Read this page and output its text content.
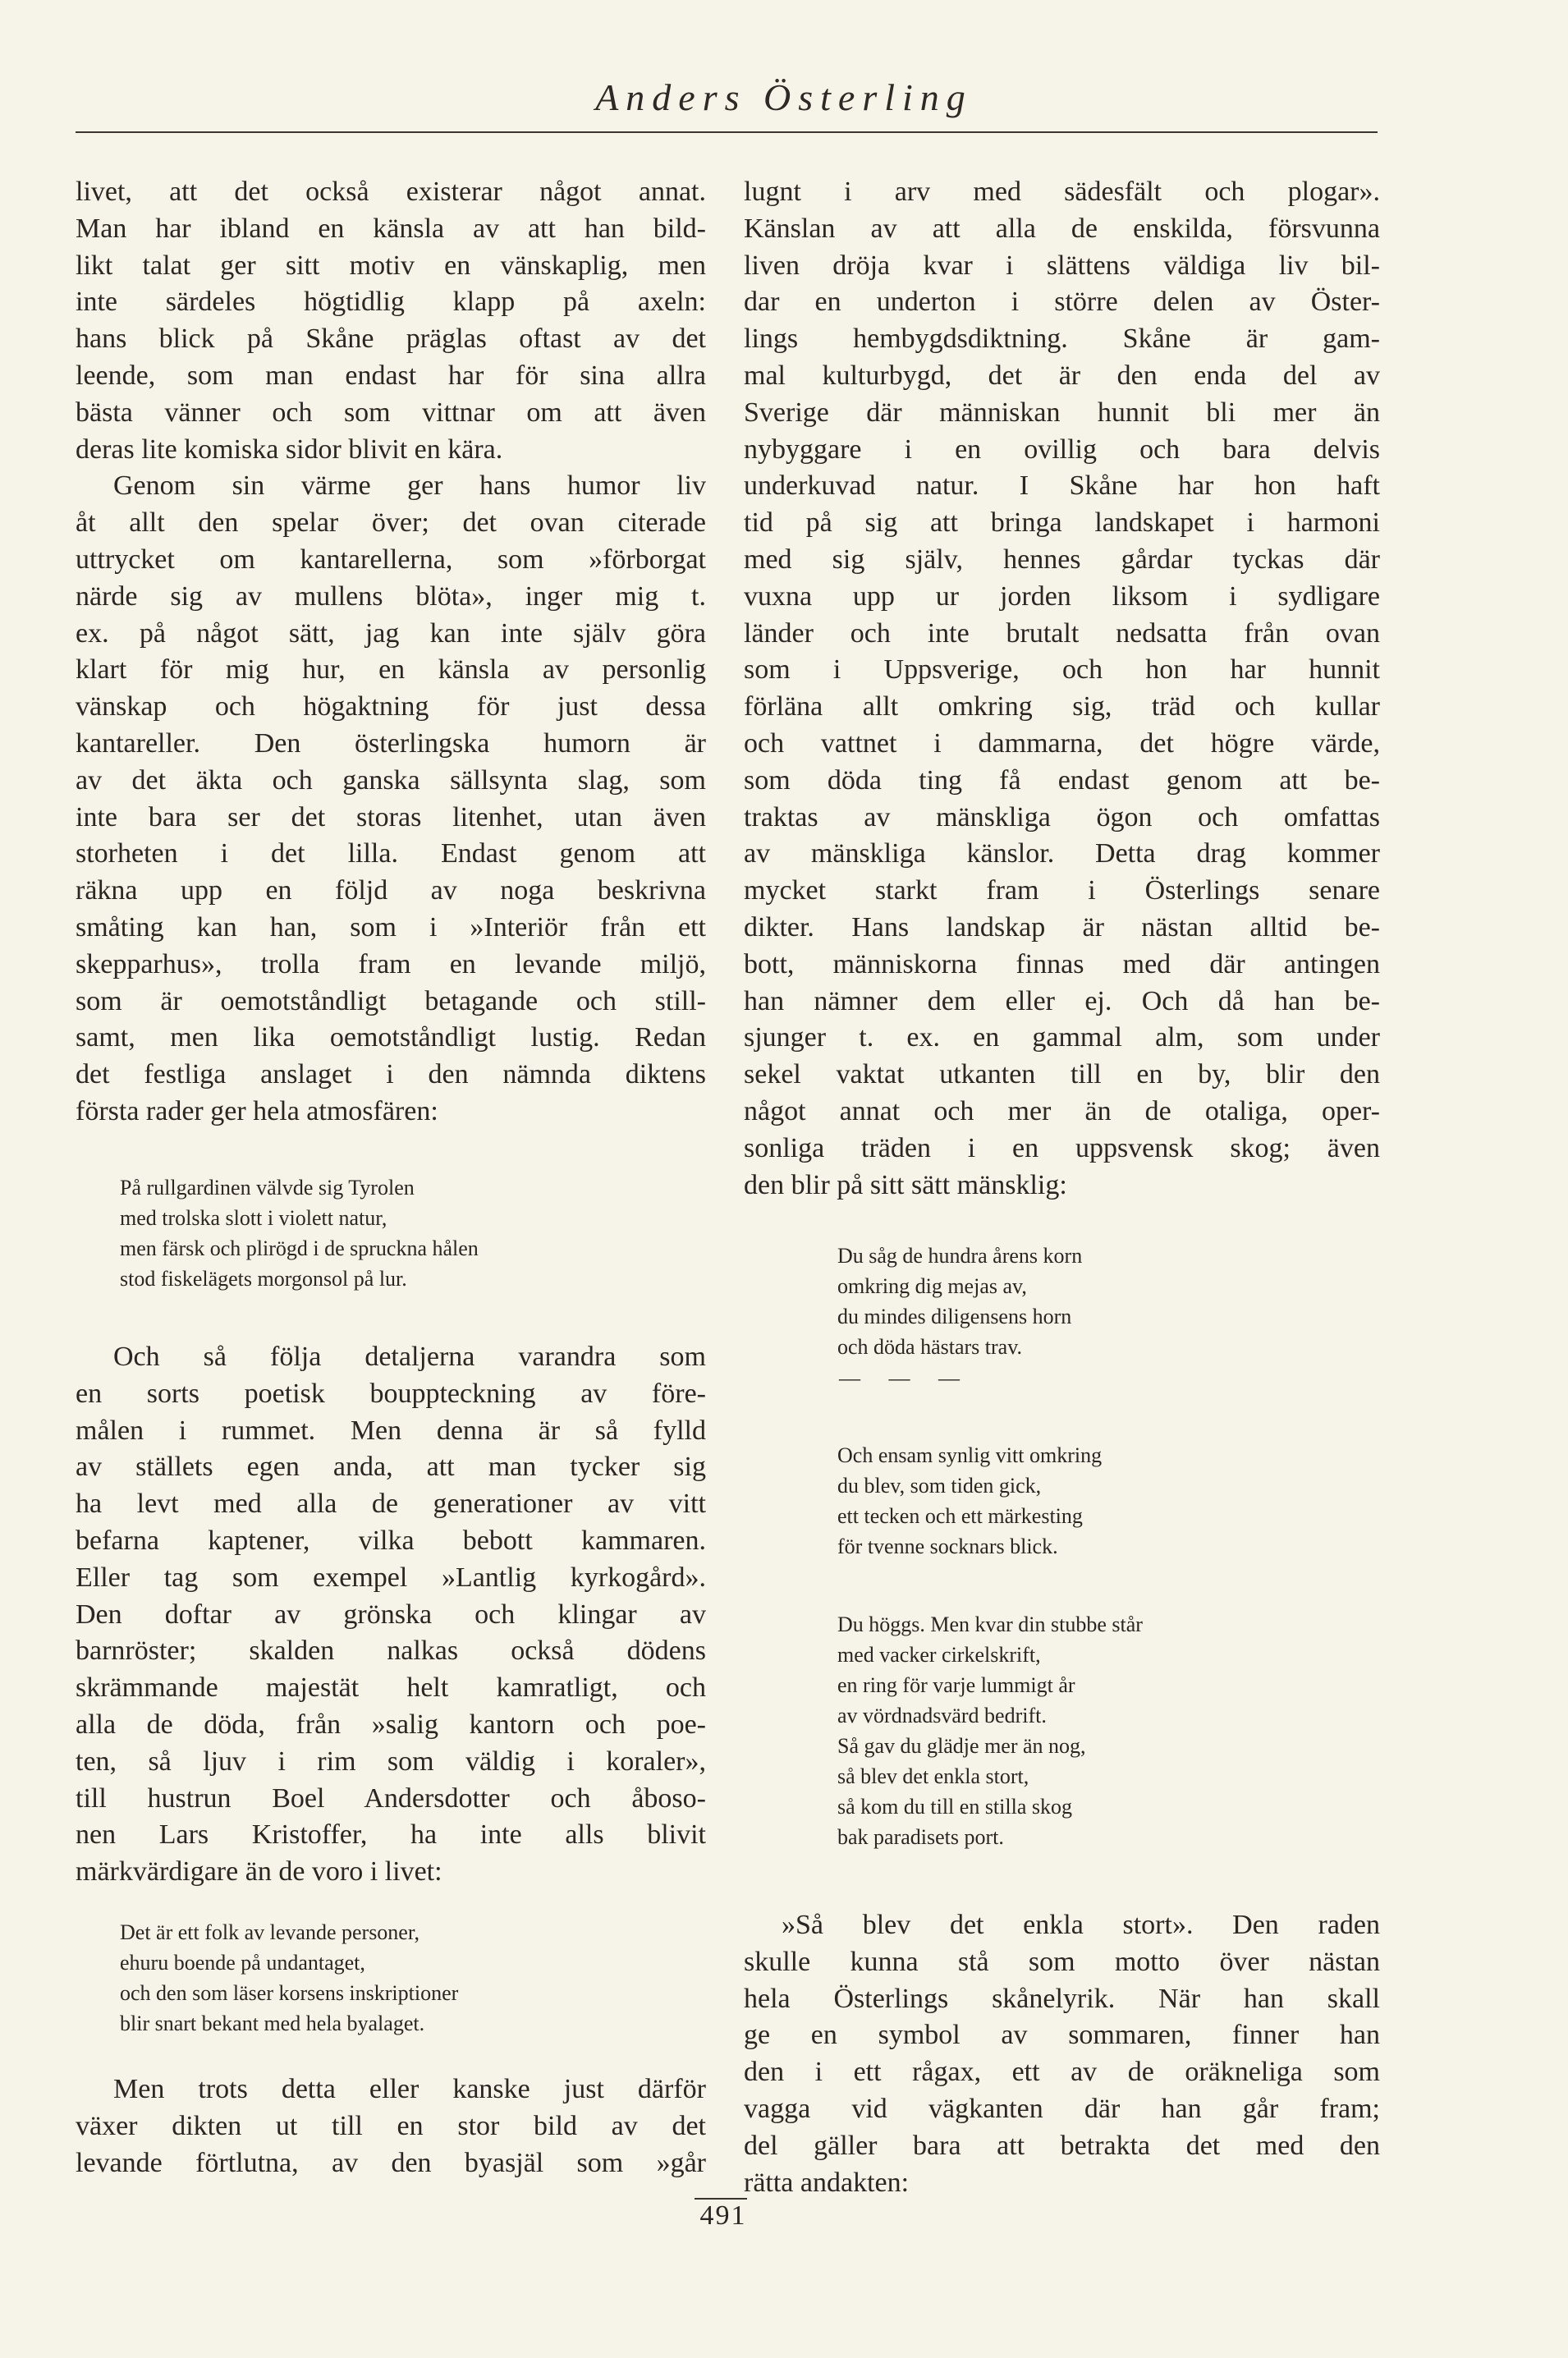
Anders Österling
livet, att det också existerar något annat.
Man har ibland en känsla av att han bild-
likt talat ger sitt motiv en vänskaplig, men
inte särdeles högtidlig klapp på axeln:
hans blick på Skåne präglas oftast av det
leende, som man endast har för sina allra
bästa vänner och som vittnar om att även
deras lite komiska sidor blivit en kära.
Genom sin värme ger hans humor liv
åt allt den spelar över; det ovan citerade
uttrycket om kantarellerna, som »förborgat
närde sig av mullens blöta», inger mig t.
ex. på något sätt, jag kan inte själv göra
klart för mig hur, en känsla av personlig
vänskap och högaktning för just dessa
kantareller. Den österlingska humorn är
av det äkta och ganska sällsynta slag, som
inte bara ser det storas litenhet, utan även
storheten i det lilla. Endast genom att
räkna upp en följd av noga beskrivna
småting kan han, som i »Interiör från ett
skepparhus», trolla fram en levande miljö,
som är oemotståndligt betagande och still-
samt, men lika oemotståndligt lustig. Redan
det festliga anslaget i den nämnda diktens
första rader ger hela atmosfären:
På rullgardinen välvde sig Tyrolen
med trolska slott i violett natur,
men färsk och plirögd i de spruckna hålen
stod fiskelägets morgonsol på lur.
Och så följa detaljerna varandra som
en sorts poetisk bouppteckning av före-
målen i rummet. Men denna är så fylld
av ställets egen anda, att man tycker sig
ha levt med alla de generationer av vitt
befarna kaptener, vilka bebott kammaren.
Eller tag som exempel »Lantlig kyrkogård».
Den doftar av grönska och klingar av
barnröster; skalden nalkas också dödens
skrämmande majestät helt kamratligt, och
alla de döda, från »salig kantorn och poe-
ten, så ljuv i rim som väldig i koraler»,
till hustrun Boel Andersdotter och åboso-
nen Lars Kristoffer, ha inte alls blivit
märkvärdigare än de voro i livet:
Det är ett folk av levande personer,
ehuru boende på undantaget,
och den som läser korsens inskriptioner
blir snart bekant med hela byalaget.
Men trots detta eller kanske just därför
växer dikten ut till en stor bild av det
levande förtlutna, av den byasjäl som »går
lugnt i arv med sädesfält och plogar».
Känslan av att alla de enskilda, försvunna
liven dröja kvar i slättens väldiga liv bil-
dar en underton i större delen av Öster-
lings hembygdsdiktning. Skåne är gam-
mal kulturbygd, det är den enda del av
Sverige där människan hunnit bli mer än
nybyggare i en ovillig och bara delvis
underkuvad natur. I Skåne har hon haft
tid på sig att bringa landskapet i harmoni
med sig själv, hennes gårdar tyckas där
vuxna upp ur jorden liksom i sydligare
länder och inte brutalt nedsatta från ovan
som i Uppsverige, och hon har hunnit
förläna allt omkring sig, träd och kullar
och vattnet i dammarna, det högre värde,
som döda ting få endast genom att be-
traktas av mänskliga ögon och omfattas
av mänskliga känslor. Detta drag kommer
mycket starkt fram i Österlings senare
dikter. Hans landskap är nästan alltid be-
bott, människorna finnas med där antingen
han nämner dem eller ej. Och då han be-
sjunger t. ex. en gammal alm, som under
sekel vaktat utkanten till en by, blir den
något annat och mer än de otaliga, oper-
sonliga träden i en uppsvensk skog; även
den blir på sitt sätt mänsklig:
Du såg de hundra årens korn
omkring dig mejas av,
du mindes diligensens horn
och döda hästars trav.
— — —
Och ensam synlig vitt omkring
du blev, som tiden gick,
ett tecken och ett märkesting
för tvenne socknars blick.
Du höggs. Men kvar din stubbe står
med vacker cirkelskrift,
en ring för varje lummigt år
av vördnadsvärd bedrift.
Så gav du glädje mer än nog,
så blev det enkla stort,
så kom du till en stilla skog
bak paradisets port.
»Så blev det enkla stort». Den raden
skulle kunna stå som motto över nästan
hela Österlings skånelyrik. När han skall
ge en symbol av sommaren, finner han
den i ett rågax, ett av de oräkneliga som
vagga vid vägkanten där han går fram;
del gäller bara att betrakta det med den
rätta andakten:
491
